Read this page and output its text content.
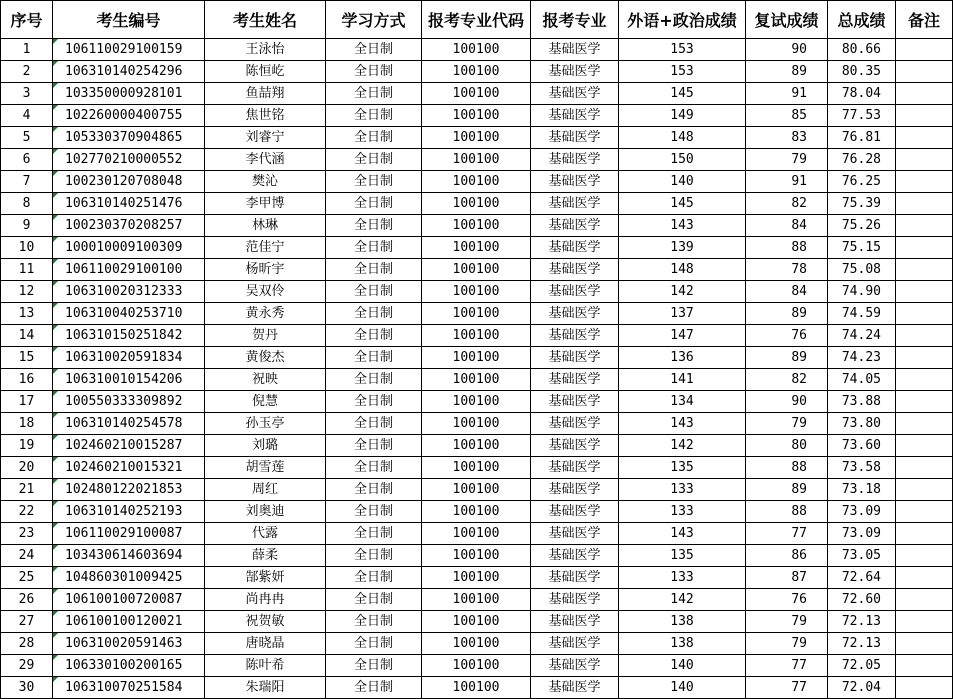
序号	考生编号	考生姓名	学习方式	报考专业代码	报考专业	外语+政治成绩	复试成绩	总成绩	备注
1	106110029100159	王泳怡	全日制	100100	基础医学	153	90	80.66	
2	106310140254296	陈恒屹	全日制	100100	基础医学	153	89	80.35	
3	103350000928101	鱼喆翔	全日制	100100	基础医学	145	91	78.04	
4	102260000400755	焦世铭	全日制	100100	基础医学	149	85	77.53	
5	105330370904865	刘睿宁	全日制	100100	基础医学	148	83	76.81	
6	102770210000552	李代涵	全日制	100100	基础医学	150	79	76.28	
7	100230120708048	樊沁	全日制	100100	基础医学	140	91	76.25	
8	106310140251476	李甲博	全日制	100100	基础医学	145	82	75.39	
9	100230370208257	林琳	全日制	100100	基础医学	143	84	75.26	
10	100010009100309	范佳宁	全日制	100100	基础医学	139	88	75.15	
11	106110029100100	杨昕宇	全日制	100100	基础医学	148	78	75.08	
12	106310020312333	吴双伶	全日制	100100	基础医学	142	84	74.90	
13	106310040253710	黄永秀	全日制	100100	基础医学	137	89	74.59	
14	106310150251842	贺丹	全日制	100100	基础医学	147	76	74.24	
15	106310020591834	黄俊杰	全日制	100100	基础医学	136	89	74.23	
16	106310010154206	祝映	全日制	100100	基础医学	141	82	74.05	
17	100550333309892	倪慧	全日制	100100	基础医学	134	90	73.88	
18	106310140254578	孙玉亭	全日制	100100	基础医学	143	79	73.80	
19	102460210015287	刘璐	全日制	100100	基础医学	142	80	73.60	
20	102460210015321	胡雪莲	全日制	100100	基础医学	135	88	73.58	
21	102480122021853	周红	全日制	100100	基础医学	133	89	73.18	
22	106310140252193	刘奥迪	全日制	100100	基础医学	133	88	73.09	
23	106110029100087	代露	全日制	100100	基础医学	143	77	73.09	
24	103430614603694	薛柔	全日制	100100	基础医学	135	86	73.05	
25	104860301009425	郜紫妍	全日制	100100	基础医学	133	87	72.64	
26	106100100720087	尚冉冉	全日制	100100	基础医学	142	76	72.60	
27	106100100120021	祝贺敏	全日制	100100	基础医学	138	79	72.13	
28	106310020591463	唐晓晶	全日制	100100	基础医学	138	79	72.13	
29	106330100200165	陈叶希	全日制	100100	基础医学	140	77	72.05	
30	106310070251584	朱瑞阳	全日制	100100	基础医学	140	77	72.04	
